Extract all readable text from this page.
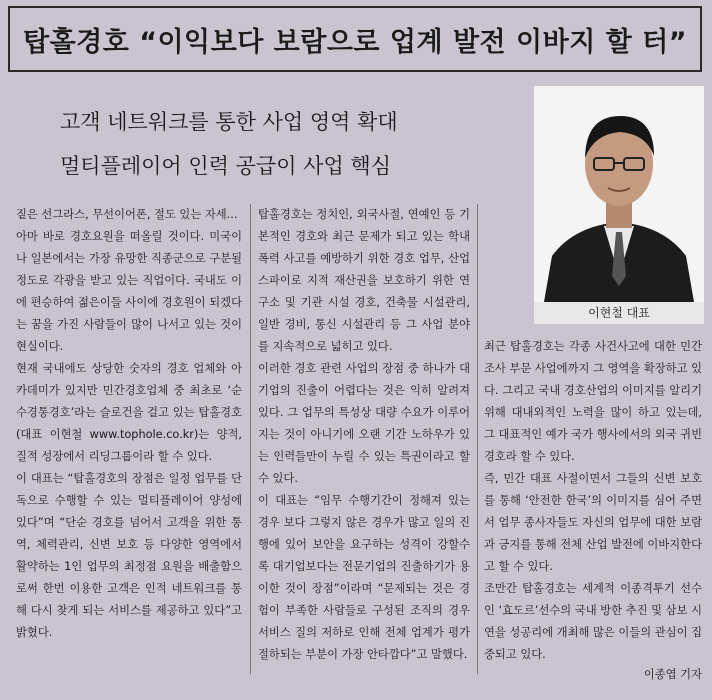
탑홀경호 “이익보다 보람으로 업계 발전 이바지 할 터”
고객 네트워크를 통한 사업 영역 확대
멀티플레이어 인력 공급이 사업 핵심
이현철 대표

짙은 선그라스, 무선이어폰, 절도 있는 자세...

아마 바로 경호요원을 떠올릴 것이다. 미국이나 일본에서는 가장 유망한 직종군으로 구분될 정도로 각광을 받고 있는 직업이다. 국내도 이에 편승하여 젊은이들 사이에 경호원이 되겠다는 꿈을 가진 사람들이 많이 나서고 있는 것이 현실이다.

현재 국내에도 상당한 숫자의 경호 업체와 아카데미가 있지만 민간경호업체 중 최초로 ‘순수경통경호’라는 슬로건을 걸고 있는 탑홀경호(대표 이현철 www.tophole.co.kr)는 양적, 질적 성장에서 리딩그룹이라 할 수 있다.

이 대표는 “탑홀경호의 장점은 일정 업무를 단독으로 수행할 수 있는 멀티플레이어 양성에 있다”며 “단순 경호를 넘어서 고객을 위한 통역, 체력관리, 신변 보호 등 다양한 영역에서 활약하는 1인 업무의 최정점 요원을 배출함으로써 한번 이용한 고객은 인적 네트워크를 통해 다시 찾게 되는 서비스를 제공하고 있다”고 밝혔다.

탑홀경호는 정치인, 외국사절, 연예인 등 기본적인 경호와 최근 문제가 되고 있는 학내 폭력 사고를 예방하기 위한 경호 업무, 산업스파이로 지적 재산권을 보호하기 위한 연구소 및 기관 시설 경호, 건축물 시설관리, 일반 경비, 통신 시설관리 등 그 사업 분야를 지속적으로 넓히고 있다.

이러한 경호 관련 사업의 장점 중 하나가 대기업의 진출이 어렵다는 것은 익히 알려져 있다. 그 업무의 특성상 대량 수요가 이루어지는 것이 아니기에 오랜 기간 노하우가 있는 인력들만이 누릴 수 있는 특권이라고 할 수 있다.

이 대표는 “임무 수행기간이 정해져 있는 경우 보다 그렇지 않은 경우가 많고 일의 진행에 있어 보안을 요구하는 성격이 강할수록 대기업보다는 전문기업의 진출하기가 용이한 것이 장점”이라며 “문제되는 것은 경험이 부족한 사람들로 구성된 조직의 경우 서비스 질의 저하로 인해 전체 업계가 평가 절하되는 부분이 가장 안타깝다”고 말했다.

최근 탑홀경호는 각종 사건사고에 대한 민간조사 부문 사업에까지 그 영역을 확장하고 있다. 그리고 국내 경호산업의 이미지를 알리기 위해 대내외적인 노력을 많이 하고 있는데, 그 대표적인 예가 국가 행사에서의 외국 귀빈 경호라 할 수 있다.

즉, 민간 대표 사절이면서 그들의 신변 보호를 통해 ‘안전한 한국’의 이미지를 심어 주면서 업무 종사자들도 자신의 업무에 대한 보람과 긍지를 통해 전체 산업 발전에 이바지한다고 할 수 있다.

조만간 탑홀경호는 세계적 이종격투기 선수인 ‘효도르’선수의 국내 방한 추진 및 삼보 시연을 성공리에 개최해 많은 이들의 관심이 집중되고 있다.

이종엽 기자
